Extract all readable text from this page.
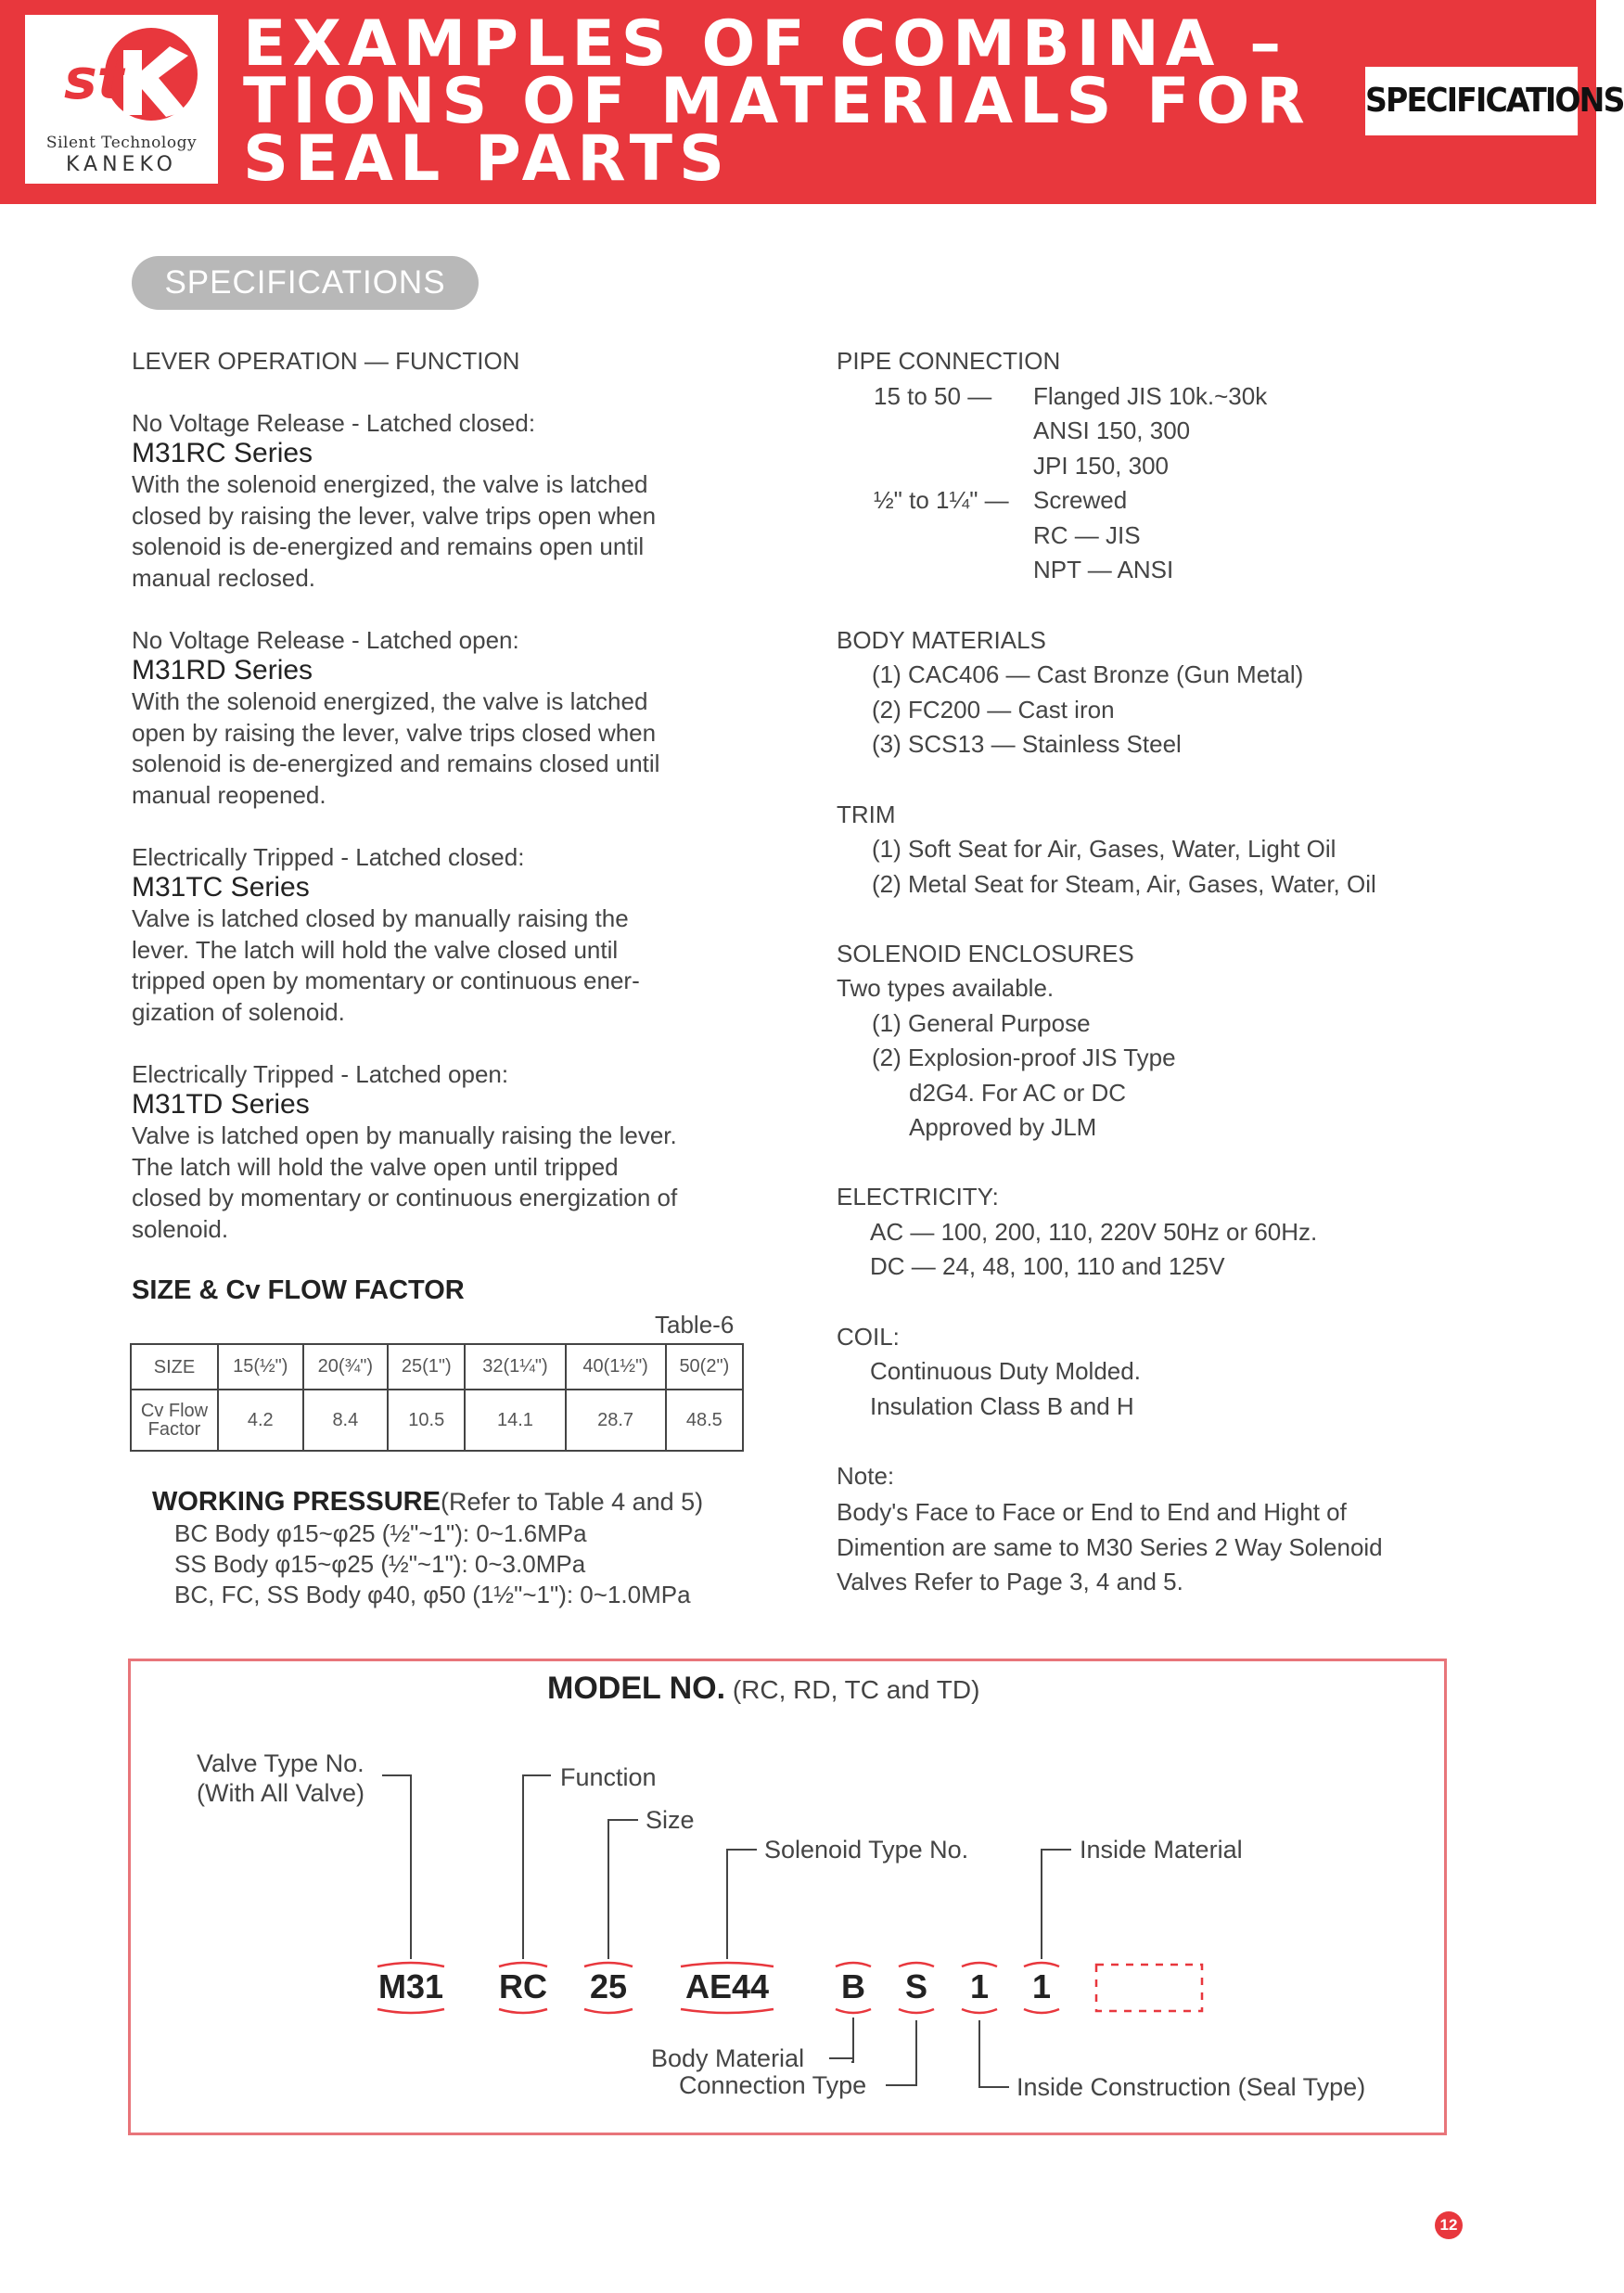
st
Silent Technology
KANEKO
EXAMPLES OF COMBINA –
TIONS OF MATERIALS FOR
SEAL PARTS
SPECIFICATIONS
SPECIFICATIONS
LEVER OPERATION — FUNCTION
No Voltage Release - Latched closed:
M31RC Series
With the solenoid energized, the valve is latched
closed by raising the lever, valve trips open when
solenoid is de-energized and remains open until
manual reclosed.
No Voltage Release - Latched open:
M31RD Series
With the solenoid energized, the valve is latched
open by raising the lever, valve trips closed when
solenoid is de-energized and remains closed until
manual reopened.
Electrically Tripped - Latched closed:
M31TC Series
Valve is latched closed by manually raising the
lever. The latch will hold the valve closed until
tripped open by momentary or continuous ener-
gization of solenoid.
Electrically Tripped - Latched open:
M31TD Series
Valve is latched open by manually raising the lever.
The latch will hold the valve open until tripped
closed by momentary or continuous energization of
solenoid.
SIZE & Cv FLOW FACTOR
Table-6
SIZE	15(½")	20(¾")	25(1")	32(1¼")	40(1½")	50(2")

Cv Flow
Factor	4.2	8.4	10.5	14.1	28.7	48.5
WORKING PRESSURE(Refer to Table 4 and 5)
BC Body φ15~φ25 (½"~1"): 0~1.6MPa
SS Body φ15~φ25 (½"~1"): 0~3.0MPa
BC, FC, SS Body φ40, φ50 (1½"~1"): 0~1.0MPa
PIPE CONNECTION
15 to 50 — Flanged JIS 10k.~30k
ANSI 150, 300
JPI 150, 300
½" to 1¼" — Screwed
RC — JIS
NPT — ANSI
BODY MATERIALS
(1) CAC406 — Cast Bronze (Gun Metal)
(2) FC200 — Cast iron
(3) SCS13 — Stainless Steel
TRIM
(1) Soft Seat for Air, Gases, Water, Light Oil
(2) Metal Seat for Steam, Air, Gases, Water, Oil
SOLENOID ENCLOSURES
Two types available.
(1) General Purpose
(2) Explosion-proof JIS Type
d2G4. For AC or DC
Approved by JLM
ELECTRICITY:
AC — 100, 200, 110, 220V 50Hz or 60Hz.
DC — 24, 48, 100, 110 and 125V
COIL:
Continuous Duty Molded.
Insulation Class B and H
Note:
Body's Face to Face or End to End and Hight of
Dimention are same to M30 Series 2 Way Solenoid
Valves Refer to Page 3, 4 and 5.
MODEL NO. (RC, RD, TC and TD)
Valve Type No.
(With All Valve)
Function
Size
Solenoid Type No.	Inside Material
Body Material
Connection Type	Inside Construction (Seal Type)
M31	RC	25	AE44	B	S	1	1
12
